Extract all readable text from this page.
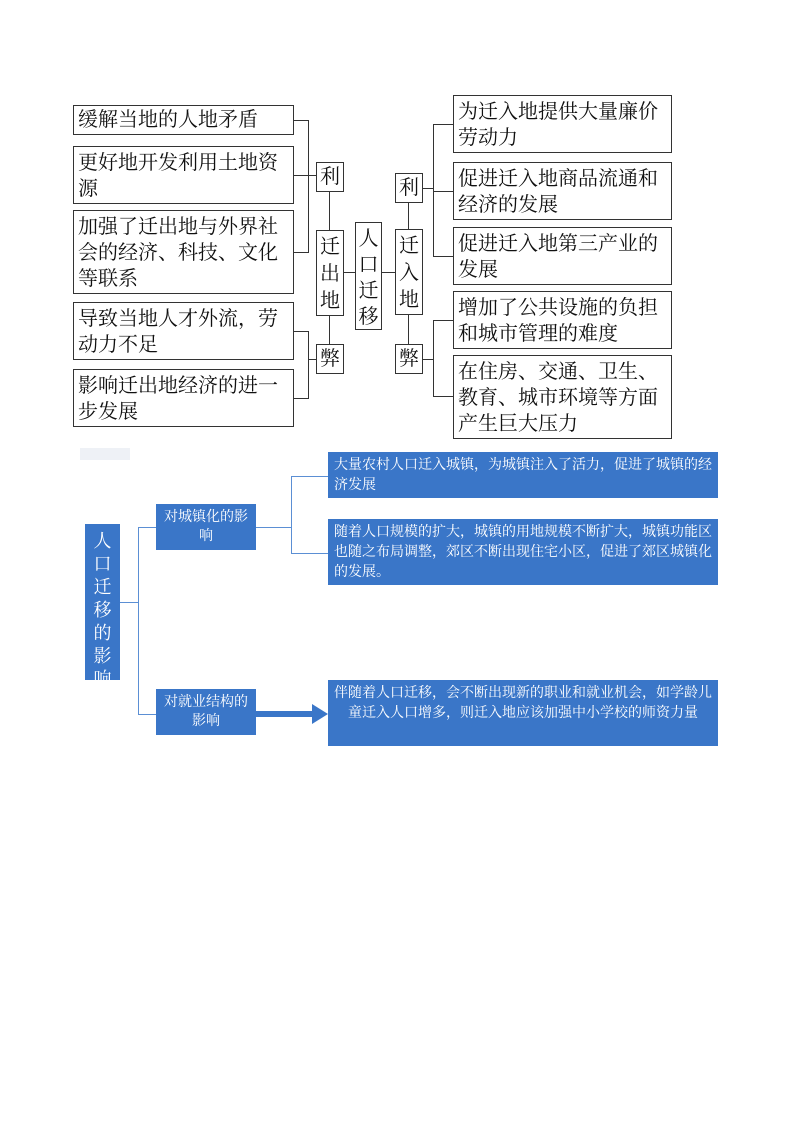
缓解当地的人地矛盾
更好地开发利用土地资源
加强了迁出地与外界社会的经济、科技、文化等联系
导致当地人才外流，劳动力不足
影响迁出地经济的进一步发展
利
弊
迁出地
人口迁移
迁入地
利
弊
为迁入地提供大量廉价劳动力
促进迁入地商品流通和经济的发展
促进迁入地第三产业的发展
增加了公共设施的负担和城市管理的难度
在住房、交通、卫生、教育、城市环境等方面产生巨大压力
人口迁移的影响
对城镇化的影响
大量农村人口迁入城镇，为城镇注入了活力，促进了城镇的经济发展
随着人口规模的扩大，城镇的用地规模不断扩大，城镇功能区也随之布局调整，郊区不断出现住宅小区，促进了郊区城镇化的发展。
对就业结构的影响
伴随着人口迁移，会不断出现新的职业和就业机会，如学龄儿童迁入人口增多，则迁入地应该加强中小学校的师资力量
